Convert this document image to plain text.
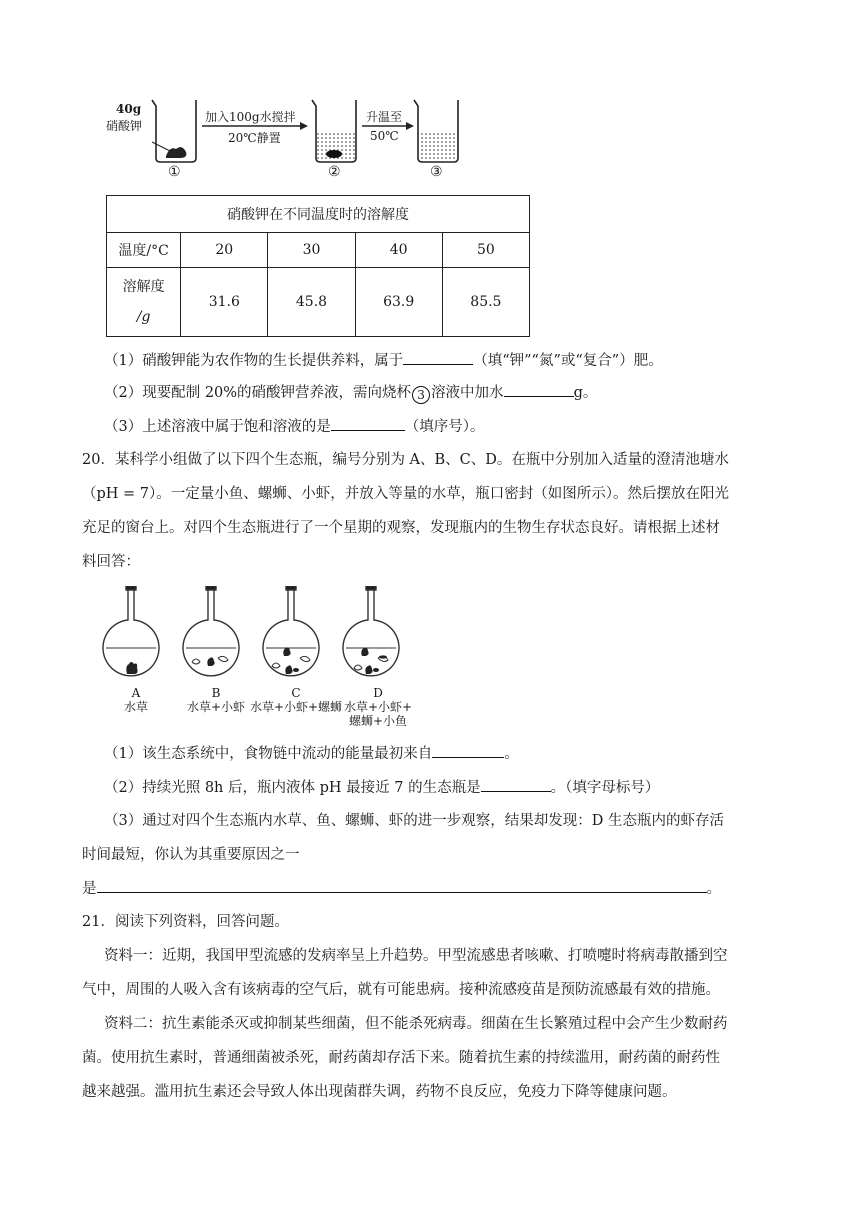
40g
硝酸钾
加入100g水搅拌
20℃静置
升温至
50℃
①	②	③
硝酸钾在不同温度时的溶解度				
温度/°C	20	30	40	50

溶解度
/g	31.6	45.8	63.9	85.5
（1）硝酸钾能为农作物的生长提供养料，属于	（填“钾”“氮”或“复合”）肥。
（2）现要配制 20%的硝酸钾营养液，需向烧杯 3 溶液中加水	g。
（3）上述溶液中属于饱和溶液的是	（填序号）。
20．某科学小组做了以下四个生态瓶，编号分别为 A、B、C、D。在瓶中分别加入适量的澄清池塘水
（pH = 7）。一定量小鱼、螺蛳、小虾，并放入等量的水草，瓶口密封（如图所示）。然后摆放在阳光
充足的窗台上。对四个生态瓶进行了一个星期的观察，发现瓶内的生物生存状态良好。请根据上述材
料回答：
A
水草
B
水草+小虾
C
水草+小虾+螺蛳
D
水草+小虾+
螺蛳+小鱼
（1）该生态系统中，食物链中流动的能量最初来自	。
（2）持续光照 8h 后，瓶内液体 pH 最接近 7 的生态瓶是	。（填字母标号）
（3）通过对四个生态瓶内水草、鱼、螺蛳、虾的进一步观察，结果却发现：D 生态瓶内的虾存活
时间最短，你认为其重要原因之一
是	。
21．阅读下列资料，回答问题。
资料一：近期，我国甲型流感的发病率呈上升趋势。甲型流感患者咳嗽、打喷嚏时将病毒散播到空
气中，周围的人吸入含有该病毒的空气后，就有可能患病。接种流感疫苗是预防流感最有效的措施。
资料二：抗生素能杀灭或抑制某些细菌，但不能杀死病毒。细菌在生长繁殖过程中会产生少数耐药
菌。使用抗生素时，普通细菌被杀死，耐药菌却存活下来。随着抗生素的持续滥用，耐药菌的耐药性
越来越强。滥用抗生素还会导致人体出现菌群失调，药物不良反应，免疫力下降等健康问题。
